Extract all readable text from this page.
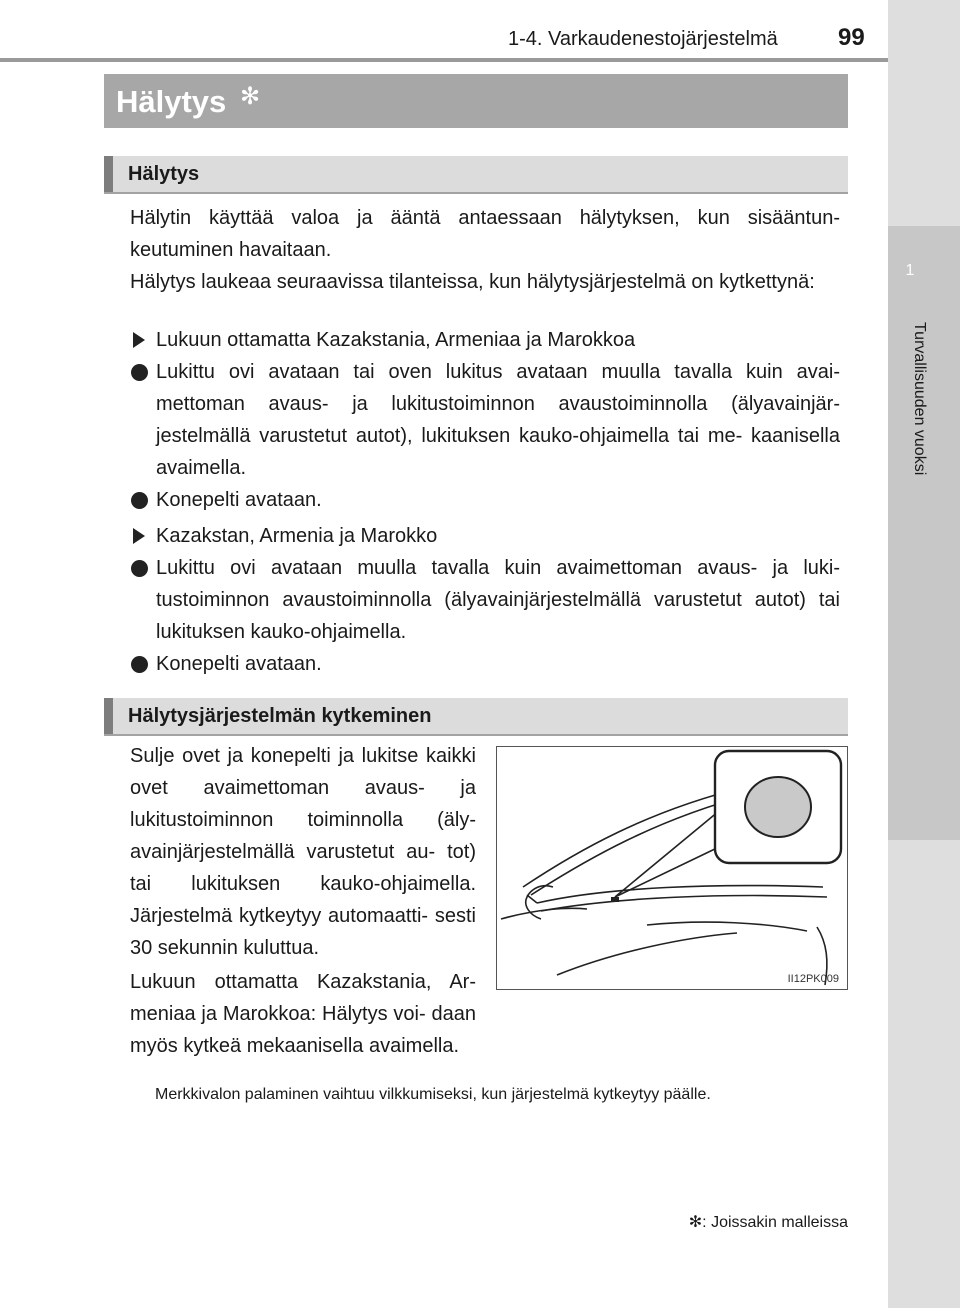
1-4. Varkaudenestojärjestelmä	99
1
Turvallisuuden vuoksi
Hälytys ✻
Hälytys

Hälytin käyttää valoa ja ääntä antaessaan hälytyksen, kun sisääntun- keutuminen havaitaan.

Hälytys laukeaa seuraavissa tilanteissa, kun hälytysjärjestelmä on kytkettynä:

Lukuun ottamatta Kazakstania, Armeniaa ja Marokkoa
Lukittu ovi avataan tai oven lukitus avataan muulla tavalla kuin avai- mettoman avaus- ja lukitustoiminnon avaustoiminnolla (älyavainjär- jestelmällä varustetut autot), lukituksen kauko-ohjaimella tai me- kaanisella avaimella.
Konepelti avataan.
Kazakstan, Armenia ja Marokko
Lukittu ovi avataan muulla tavalla kuin avaimettoman avaus- ja luki- tustoiminnon avaustoiminnolla (älyavainjärjestelmällä varustetut autot) tai lukituksen kauko-ohjaimella.
Konepelti avataan.
Hälytysjärjestelmän kytkeminen

Sulje ovet ja konepelti ja lukitse kaikki ovet avaimettoman avaus- ja lukitustoiminnon toiminnolla (äly- avainjärjestelmällä varustetut au- tot) tai lukituksen kauko-ohjaimella. Järjestelmä kytkeytyy automaatti- sesti 30 sekunnin kuluttua.

Lukuun ottamatta Kazakstania, Ar- meniaa ja Marokkoa: Hälytys voi- daan myös kytkeä mekaanisella avaimella.

II12PK009
Merkkivalon palaminen vaihtuu vilkkumiseksi, kun järjestelmä kytkeytyy päälle.
✻: Joissakin malleissa
